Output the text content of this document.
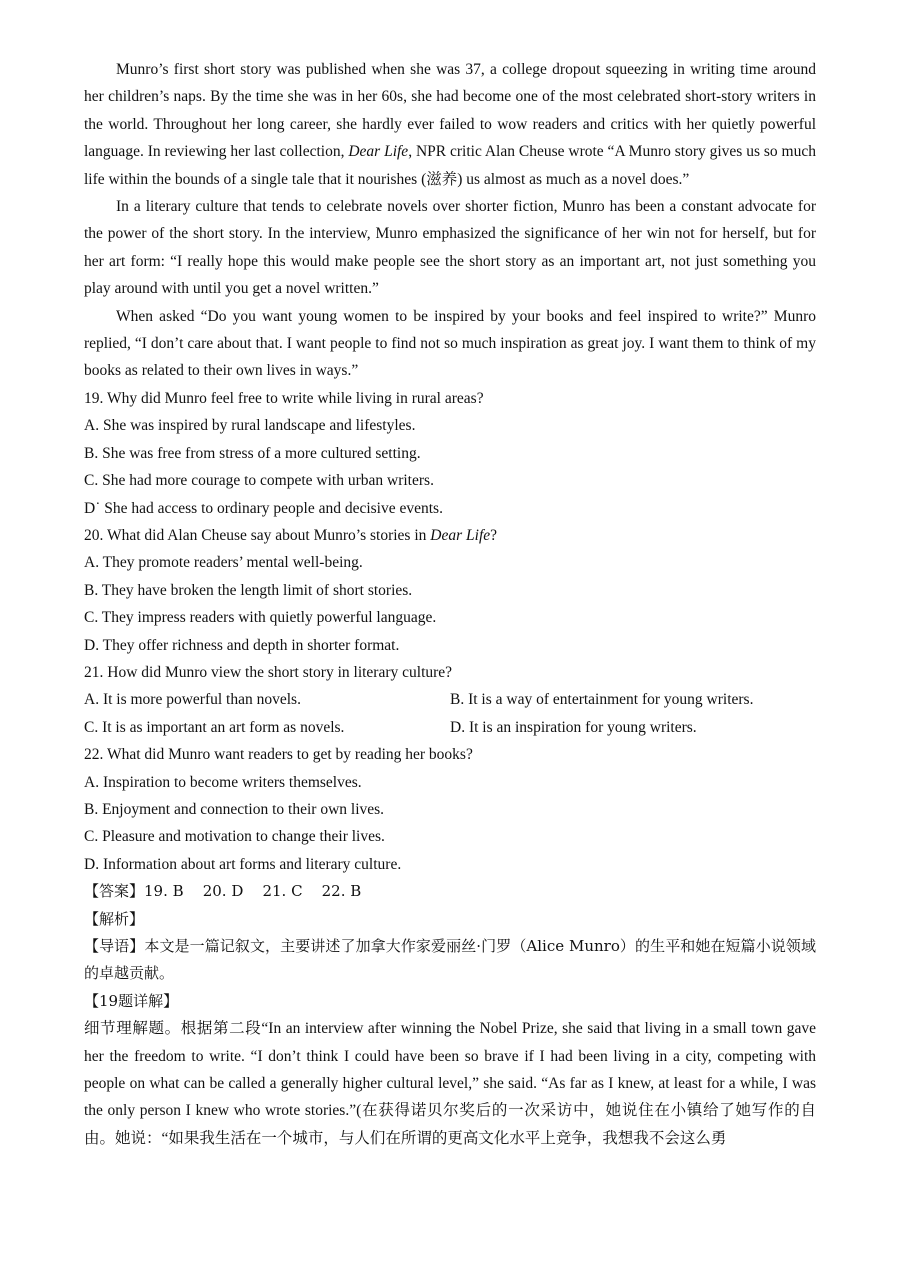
Munro’s first short story was published when she was 37, a college dropout squeezing in writing time around her children’s naps. By the time she was in her 60s, she had become one of the most celebrated short-story writers in the world. Throughout her long career, she hardly ever failed to wow readers and critics with her quietly powerful language. In reviewing her last collection, Dear Life, NPR critic Alan Cheuse wrote “A Munro story gives us so much life within the bounds of a single tale that it nourishes (滋养) us almost as much as a novel does.”

In a literary culture that tends to celebrate novels over shorter fiction, Munro has been a constant advocate for the power of the short story. In the interview, Munro emphasized the significance of her win not for herself, but for her art form: “I really hope this would make people see the short story as an important art, not just something you play around with until you get a novel written.”

When asked “Do you want young women to be inspired by your books and feel inspired to write?” Munro replied, “I don’t care about that. I want people to find not so much inspiration as great joy. I want them to think of my books as related to their own lives in ways.”

19. Why did Munro feel free to write while living in rural areas?
A. She was inspired by rural landscape and lifestyles.
B. She was free from stress of a more cultured setting.
C. She had more courage to compete with urban writers.
D˙ She had access to ordinary people and decisive events.
20. What did Alan Cheuse say about Munro’s stories in Dear Life?
A. They promote readers’ mental well-being.
B. They have broken the length limit of short stories.
C. They impress readers with quietly powerful language.
D. They offer richness and depth in shorter format.
21. How did Munro view the short story in literary culture?
A. It is more powerful than novels.	B. It is a way of entertainment for young writers.
C. It is as important an art form as novels.	D. It is an inspiration for young writers.
22. What did Munro want readers to get by reading her books?
A. Inspiration to become writers themselves.
B. Enjoyment and connection to their own lives.
C. Pleasure and motivation to change their lives.
D. Information about art forms and literary culture.
【答案】19. B    20. D    21. C    22. B
【解析】

【导语】本文是一篇记叙文，主要讲述了加拿大作家爱丽丝·门罗（Alice Munro）的生平和她在短篇小说领域的卓越贡献。

【19题详解】

细节理解题。根据第二段“In an interview after winning the Nobel Prize, she said that living in a small town gave her the freedom to write. “I don’t think I could have been so brave if I had been living in a city, competing with people on what can be called a generally higher cultural level,” she said. “As far as I knew, at least for a while, I was the only person I knew who wrote stories.”(在获得诺贝尔奖后的一次采访中，她说住在小镇给了她写作的自由。她说：“如果我生活在一个城市，与人们在所谓的更高文化水平上竞争，我想我不会这么勇
